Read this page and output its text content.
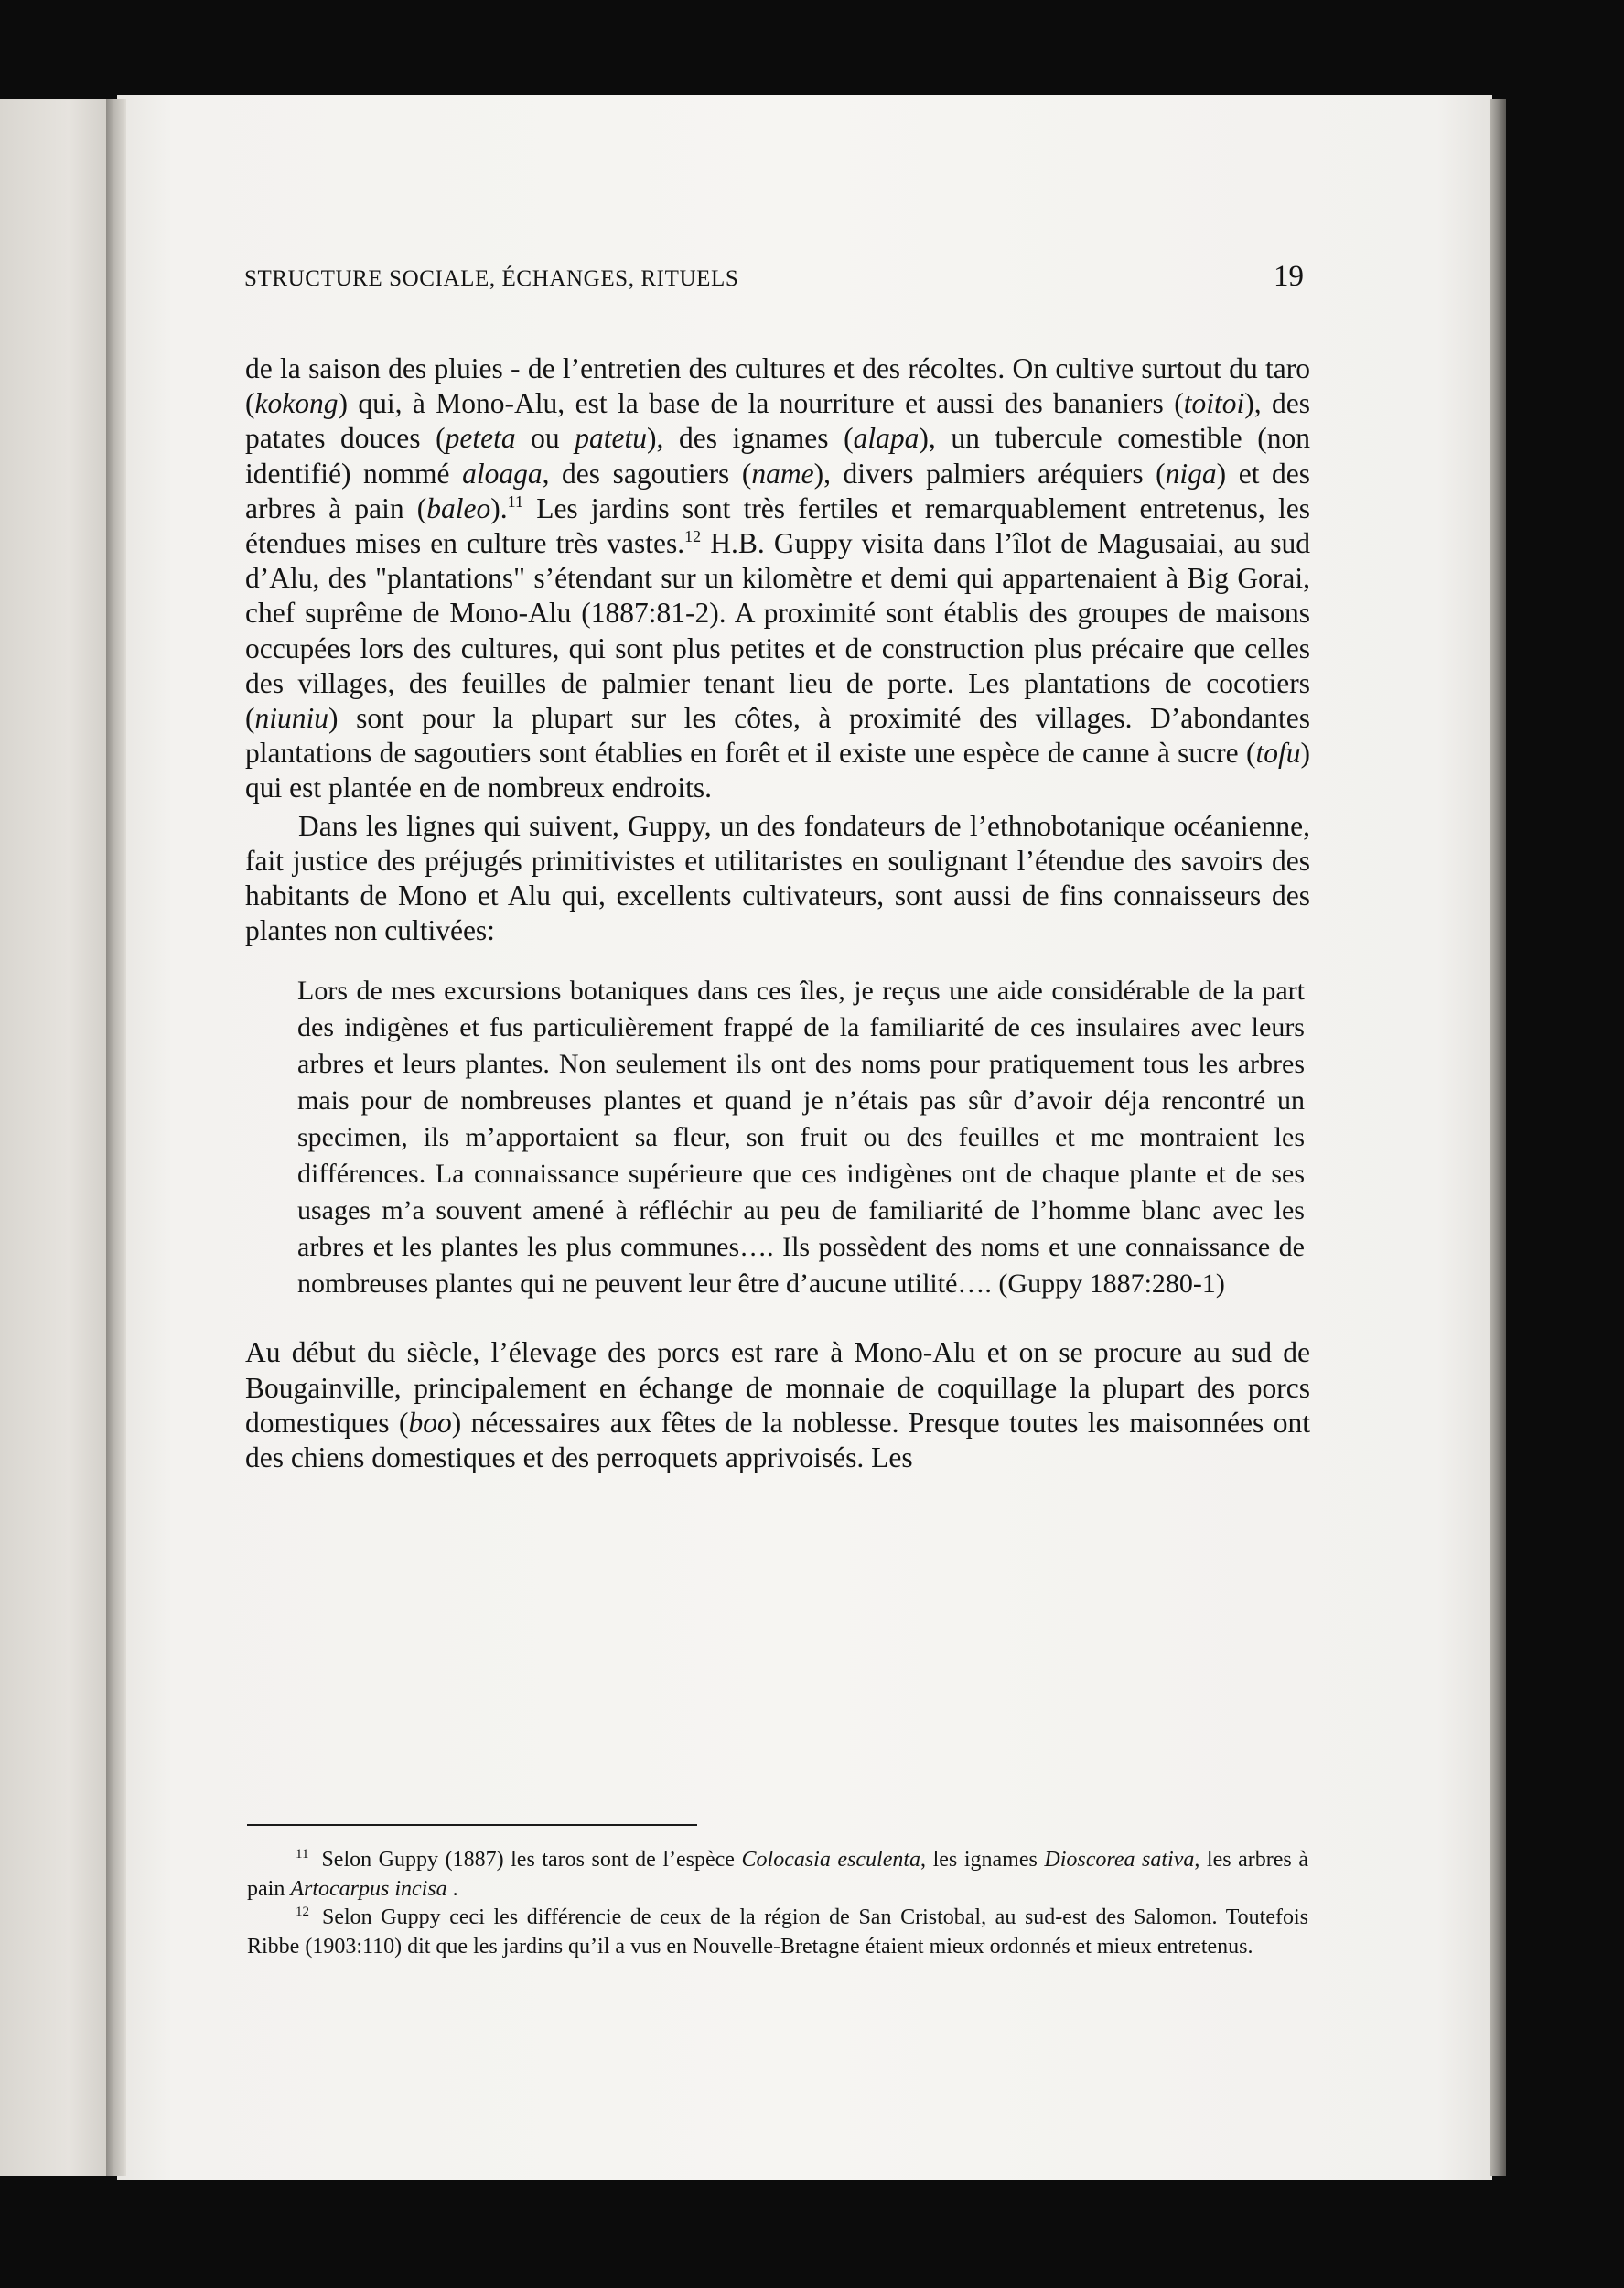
STRUCTURE SOCIALE, ÉCHANGES, RITUELS	19

de la saison des pluies - de l’entretien des cultures et des récoltes. On cultive surtout du taro (kokong) qui, à Mono-Alu, est la base de la nourriture et aussi des bananiers (toitoi), des patates douces (peteta ou patetu), des ignames (alapa), un tubercule comestible (non identifié) nommé aloaga, des sagoutiers (name), divers palmiers aréquiers (niga) et des arbres à pain (baleo).$^{11}$ Les jardins sont très fertiles et remarquablement entretenus, les étendues mises en culture très vastes.$^{12}$ H.B. Guppy visita dans l’îlot de Magusaiai, au sud d’Alu, des "plantations" s’étendant sur un kilomètre et demi qui appartenaient à Big Gorai, chef suprême de Mono-Alu (1887:81-2). A proximité sont établis des groupes de maisons occupées lors des cultures, qui sont plus petites et de construction plus précaire que celles des villages, des feuilles de palmier tenant lieu de porte. Les plantations de cocotiers (niuniu) sont pour la plupart sur les côtes, à proximité des villages. D’abondantes plantations de sagoutiers sont établies en forêt et il existe une espèce de canne à sucre (tofu) qui est plantée en de nombreux endroits.

Dans les lignes qui suivent, Guppy, un des fondateurs de l’ethnobotanique océanienne, fait justice des préjugés primitivistes et utilitaristes en soulignant l’étendue des savoirs des habitants de Mono et Alu qui, excellents cultivateurs, sont aussi de fins connaisseurs des plantes non cultivées:

Lors de mes excursions botaniques dans ces îles, je reçus une aide considérable de la part des indigènes et fus particulièrement frappé de la familiarité de ces insulaires avec leurs arbres et leurs plantes. Non seulement ils ont des noms pour pratiquement tous les arbres mais pour de nombreuses plantes et quand je n’étais pas sûr d’avoir déja rencontré un specimen, ils m’apportaient sa fleur, son fruit ou des feuilles et me montraient les différences. La connaissance supérieure que ces indigènes ont de chaque plante et de ses usages m’a souvent amené à réfléchir au peu de familiarité de l’homme blanc avec les arbres et les plantes les plus communes…. Ils possèdent des noms et une connaissance de nombreuses plantes qui ne peuvent leur être d’aucune utilité…. (Guppy 1887:280-1)

Au début du siècle, l’élevage des porcs est rare à Mono-Alu et on se procure au sud de Bougainville, principalement en échange de monnaie de coquillage la plupart des porcs domestiques (boo) nécessaires aux fêtes de la noblesse. Presque toutes les maisonnées ont des chiens domestiques et des perroquets apprivoisés. Les

$^{11}$ Selon Guppy (1887) les taros sont de l’espèce Colocasia esculenta, les ignames Dioscorea sativa, les arbres à pain Artocarpus incisa .

$^{12}$ Selon Guppy ceci les différencie de ceux de la région de San Cristobal, au sud-est des Salomon. Toutefois Ribbe (1903:110) dit que les jardins qu’il a vus en Nouvelle-Bretagne étaient mieux ordonnés et mieux entretenus.
